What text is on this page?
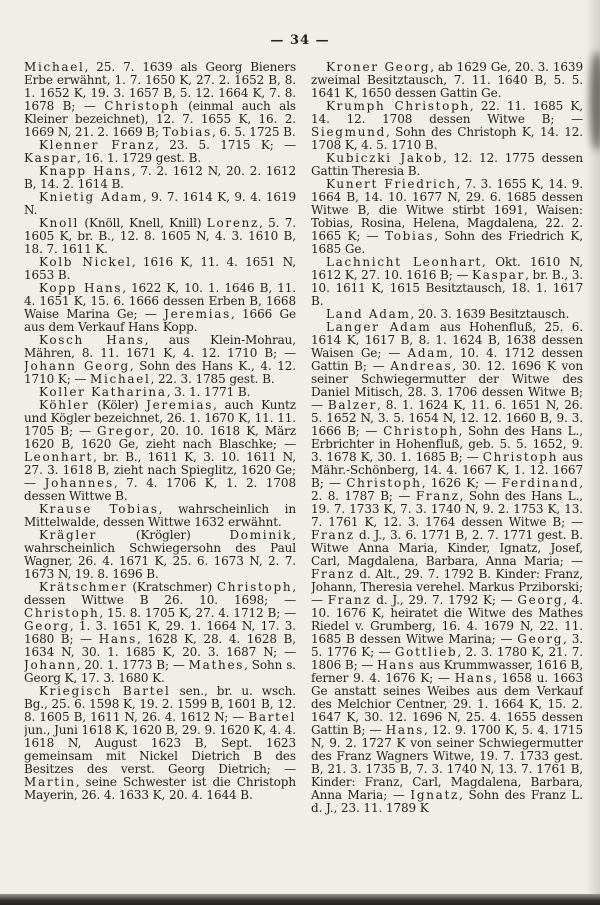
— 34 —

Michael, 25. 7. 1639 als Georg Bieners Erbe erwähnt, 1. 7. 1650 K, 27. 2. 1652 B, 8. 1. 1652 K, 19. 3. 1657 B, 5. 12. 1664 K, 7. 8. 1678 B; — Christoph (einmal auch als Kleiner bezeichnet), 12. 7. 1655 K, 16. 2. 1669 N, 21. 2. 1669 B; Tobias, 6. 5. 1725 B.

Klenner Franz, 23. 5. 1715 K; — Kaspar, 16. 1. 1729 gest. B.

Knapp Hans, 7. 2. 1612 N, 20. 2. 1612 B, 14. 2. 1614 B.

Knietig Adam, 9. 7. 1614 K, 9. 4. 1619 N.

Knoll (Knöll, Knell, Knill) Lorenz, 5. 7. 1605 K, br. B., 12. 8. 1605 N, 4. 3. 1610 B, 18. 7. 1611 K.

Kolb Nickel, 1616 K, 11. 4. 1651 N, 1653 B.

Kopp Hans, 1622 K, 10. 1. 1646 B, 11. 4. 1651 K, 15. 6. 1666 dessen Erben B, 1668 Waise Marina Ge; — Jeremias, 1666 Ge aus dem Verkauf Hans Kopp.

Kosch Hans, aus Klein-Mohrau, Mähren, 8. 11. 1671 K, 4. 12. 1710 B; — Johann Georg, Sohn des Hans K., 4. 12. 1710 K; — Michael, 22. 3. 1785 gest. B.

Koller Katharina, 3. 1. 1771 B.

Köhler (Köler) Jeremias, auch Kuntz und Kögler bezeichnet, 26. 1. 1670 K, 11. 11. 1705 B; — Gregor, 20. 10. 1618 K, März 1620 B, 1620 Ge, zieht nach Blaschke; — Leonhart, br. B., 1611 K, 3. 10. 1611 N, 27. 3. 1618 B, zieht nach Spieglitz, 1620 Ge; — Johannes, 7. 4. 1706 K, 1. 2. 1708 dessen Wittwe B.

Krause Tobias, wahrscheinlich in Mittelwalde, dessen Wittwe 1632 erwähnt.

Krägler (Krögler) Dominik, wahrscheinlich Schwiegersohn des Paul Wagner, 26. 4. 1671 K, 25. 6. 1673 N, 2. 7. 1673 N, 19. 8. 1696 B.

Krätschmer (Kratschmer) Christoph, dessen Wittwe B 26. 10. 1698; — Christoph, 15. 8. 1705 K, 27. 4. 1712 B; — Georg, 1. 3. 1651 K, 29. 1. 1664 N, 17. 3. 1680 B; — Hans, 1628 K, 28. 4. 1628 B, 1634 N, 30. 1. 1685 K, 20. 3. 1687 N; — Johann, 20. 1. 1773 B; — Mathes, Sohn s. Georg K, 17. 3. 1680 K.

Kriegisch Bartel sen., br. u. wsch. Bg., 25. 6. 1598 K, 19. 2. 1599 B, 1601 B, 12. 8. 1605 B, 1611 N, 26. 4. 1612 N; — Bartel jun., Juni 1618 K, 1620 B, 29. 9. 1620 K, 4. 4. 1618 N, August 1623 B, Sept. 1623 gemeinsam mit Nickel Dietrich B des Besitzes des verst. Georg Dietrich; — Martin, seine Schwester ist die Christoph Mayerin, 26. 4. 1633 K, 20. 4. 1644 B.

Kroner Georg, ab 1629 Ge, 20. 3. 1639 zweimal Besitztausch, 7. 11. 1640 B, 5. 5. 1641 K, 1650 dessen Gattin Ge.

Krumph Christoph, 22. 11. 1685 K, 14. 12. 1708 dessen Witwe B; — Siegmund, Sohn des Christoph K, 14. 12. 1708 K, 4. 5. 1710 B.

Kubiczki Jakob, 12. 12. 1775 dessen Gattin Theresia B.

Kunert Friedrich, 7. 3. 1655 K, 14. 9. 1664 B, 14. 10. 1677 N, 29. 6. 1685 dessen Witwe B, die Witwe stirbt 1691, Waisen: Tobias, Rosina, Helena, Magdalena, 22. 2. 1665 K; — Tobias, Sohn des Friedrich K, 1685 Ge.

Lachnicht Leonhart, Okt. 1610 N, 1612 K, 27. 10. 1616 B; — Kaspar, br. B., 3. 10. 1611 K, 1615 Besitztausch, 18. 1. 1617 B.

Land Adam, 20. 3. 1639 Besitztausch.

Langer Adam aus Hohenfluß, 25. 6. 1614 K, 1617 B, 8. 1. 1624 B, 1638 dessen Waisen Ge; — Adam, 10. 4. 1712 dessen Gattin B; — Andreas, 30. 12. 1696 K von seiner Schwiegermutter der Witwe des Daniel Mitisch, 28. 3. 1706 dessen Witwe B; — Balzer, 8. 1. 1624 K, 11. 6. 1651 N, 26. 5. 1652 N, 3. 5. 1654 N, 12. 12. 1660 B, 9. 3. 1666 B; — Christoph, Sohn des Hans L., Erbrichter in Hohenfluß, geb. 5. 5. 1652, 9. 3. 1678 K, 30. 1. 1685 B; — Christoph aus Mähr.-Schönberg, 14. 4. 1667 K, 1. 12. 1667 B; — Christoph, 1626 K; — Ferdinand, 2. 8. 1787 B; — Franz, Sohn des Hans L., 19. 7. 1733 K, 7. 3. 1740 N, 9. 2. 1753 K, 13. 7. 1761 K, 12. 3. 1764 dessen Witwe B; — Franz d. J., 3. 6. 1771 B, 2. 7. 1771 gest. B. Witwe Anna Maria, Kinder, Ignatz, Josef, Carl, Magdalena, Barbara, Anna Maria; — Franz d. Alt., 29. 7. 1792 B. Kinder: Franz, Johann, Theresia verehel. Markus Prziborski; — Franz d. J., 29. 7. 1792 K; — Georg, 4. 10. 1676 K, heiratet die Witwe des Mathes Riedel v. Grumberg, 16. 4. 1679 N, 22. 11. 1685 B dessen Witwe Marina; — Georg, 3. 5. 1776 K; — Gottlieb, 2. 3. 1780 K, 21. 7. 1806 B; — Hans aus Krummwasser, 1616 B, ferner 9. 4. 1676 K; — Hans, 1658 u. 1663 Ge anstatt seines Weibes aus dem Verkauf des Melchior Centner, 29. 1. 1664 K, 15. 2. 1647 K, 30. 12. 1696 N, 25. 4. 1655 dessen Gattin B; — Hans, 12. 9. 1700 K, 5. 4. 1715 N, 9. 2. 1727 K von seiner Schwiegermutter des Franz Wagners Witwe, 19. 7. 1733 gest. B, 21. 3. 1735 B, 7. 3. 1740 N, 13. 7. 1761 B, Kinder: Franz, Carl, Magdalena, Barbara, Anna Maria; — Ignatz, Sohn des Franz L. d. J., 23. 11. 1789 K
